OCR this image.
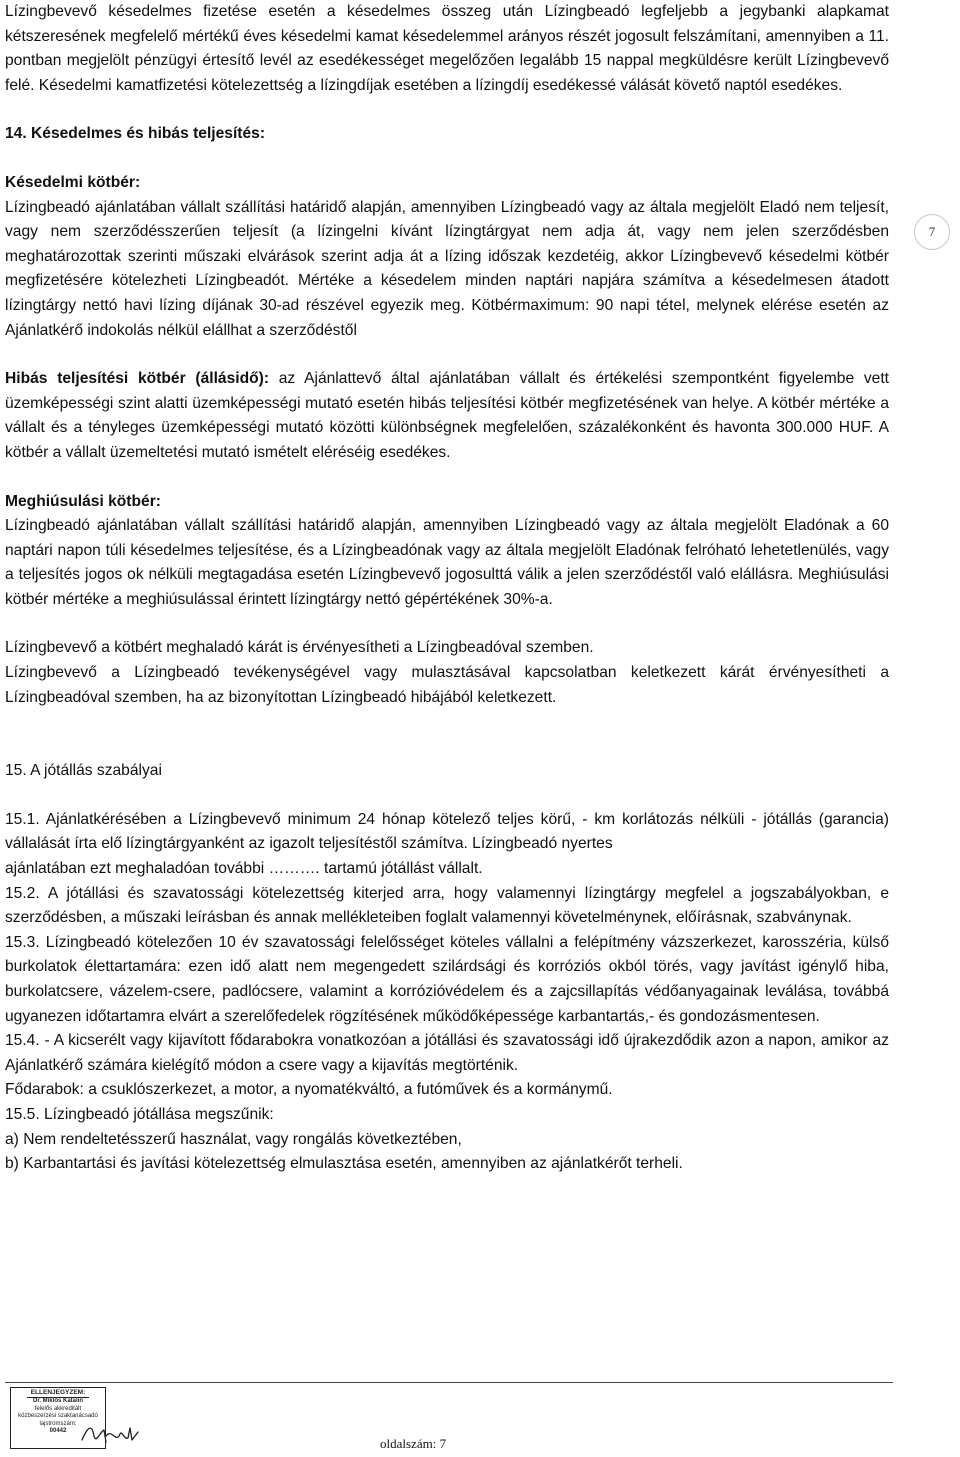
Lízingbevevő késedelmes fizetése esetén a késedelmes összeg után Lízingbeadó legfeljebb a jegybanki alapkamat kétszeresének megfelelő mértékű éves késedelmi kamat késedelemmel arányos részét jogosult felszámítani, amennyiben a 11. pontban megjelölt pénzügyi értesítő levél az esedékességet megelőzően legalább 15 nappal megküldésre került Lízingbevevő felé. Késedelmi kamatfizetési kötelezettség a lízingdíjak esetében a lízingdíj esedékessé válását követő naptól esedékes.

14. Késedelmes és hibás teljesítés:

Késedelmi kötbér:

Lízingbeadó ajánlatában vállalt szállítási határidő alapján, amennyiben Lízingbeadó vagy az általa megjelölt Eladó nem teljesít, vagy nem szerződésszerűen teljesít (a lízingelni kívánt lízingtárgyat nem adja át, vagy nem jelen szerződésben meghatározottak szerinti műszaki elvárások szerint adja át a lízing időszak kezdetéig, akkor Lízingbevevő késedelmi kötbér megfizetésére kötelezheti Lízingbeadót. Mértéke a késedelem minden naptári napjára számítva a késedelmesen átadott lízingtárgy nettó havi lízing díjának 30-ad részével egyezik meg. Kötbérmaximum: 90 napi tétel, melynek elérése esetén az Ajánlatkérő indokolás nélkül elállhat a szerződéstől

Hibás teljesítési kötbér (állásidő): az Ajánlattevő által ajánlatában vállalt és értékelési szempontként figyelembe vett üzemképességi szint alatti üzemképességi mutató esetén hibás teljesítési kötbér megfizetésének van helye. A kötbér mértéke a vállalt és a tényleges üzemképességi mutató közötti különbségnek megfelelően, százalékonként és havonta 300.000 HUF. A kötbér a vállalt üzemeltetési mutató ismételt eléréséig esedékes.

Meghiúsulási kötbér:

Lízingbeadó ajánlatában vállalt szállítási határidő alapján, amennyiben Lízingbeadó vagy az általa megjelölt Eladónak a 60 naptári napon túli késedelmes teljesítése, és a Lízingbeadónak vagy az általa megjelölt Eladónak felróható lehetetlenülés, vagy a teljesítés jogos ok nélküli megtagadása esetén Lízingbevevő jogosulttá válik a jelen szerződéstől való elállásra. Meghiúsulási kötbér mértéke a meghiúsulással érintett lízingtárgy nettó gépértékének 30%-a.

Lízingbevevő a kötbért meghaladó kárát is érvényesítheti a Lízingbeadóval szemben.

Lízingbevevő a Lízingbeadó tevékenységével vagy mulasztásával kapcsolatban keletkezett kárát érvényesítheti a Lízingbeadóval szemben, ha az bizonyítottan Lízingbeadó hibájából keletkezett.

15. A jótállás szabályai

15.1. Ajánlatkérésében a Lízingbevevő minimum 24 hónap kötelező teljes körű, - km korlátozás nélküli - jótállás (garancia) vállalását írta elő lízingtárgyanként az igazolt teljesítéstől számítva. Lízingbeadó nyertes

ajánlatában ezt meghaladóan további ………. tartamú jótállást vállalt.

15.2. A jótállási és szavatossági kötelezettség kiterjed arra, hogy valamennyi lízingtárgy megfelel a jogszabályokban, e szerződésben, a műszaki leírásban és annak mellékleteiben foglalt valamennyi követelménynek, előírásnak, szabványnak.

15.3. Lízingbeadó kötelezően 10 év szavatossági felelősséget köteles vállalni a felépítmény vázszerkezet, karosszéria, külső burkolatok élettartamára: ezen idő alatt nem megengedett szilárdsági és korróziós okból törés, vagy javítást igénylő hiba, burkolatcsere, vázelem-csere, padlócsere, valamint a korrózióvédelem és a zajcsillapítás védőanyagainak leválása, továbbá ugyanezen időtartamra elvárt a szerelőfedelek rögzítésének működőképessége karbantartás,- és gondozásmentesen.

15.4. - A kicserélt vagy kijavított fődarabokra vonatkozóan a jótállási és szavatossági idő újrakezdődik azon a napon, amikor az Ajánlatkérő számára kielégítő módon a csere vagy a kijavítás megtörténik.

Fődarabok: a csuklószerkezet, a motor, a nyomatékváltó, a futóművek és a kormánymű.

15.5. Lízingbeadó jótállása megszűnik:

a) Nem rendeltetésszerű használat, vagy rongálás következtében,

b) Karbantartási és javítási kötelezettség elmulasztása esetén, amennyiben az ajánlatkérőt terheli.

7
ELLENJEGYZEM:
Dr. Miklós Katalin
felelős akkreditált
közbeszerzési szaktanácsadó
lajstromszám:
00442
oldalszám: 7
